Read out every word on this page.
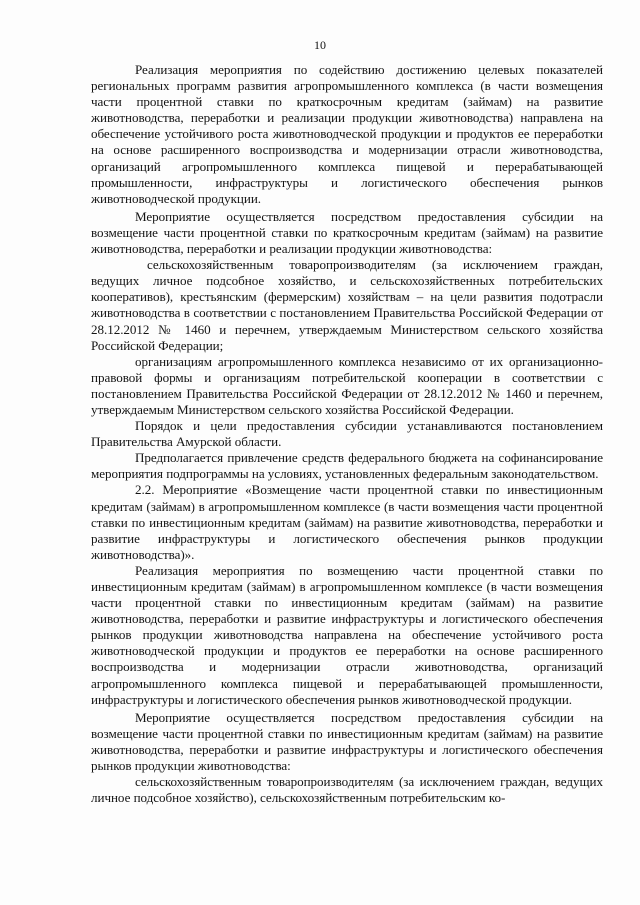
10

Реализация мероприятия по содействию достижению целевых показателей региональных программ развития агропромышленного комплекса (в части возмещения части процентной ставки по краткосрочным кредитам (займам) на развитие животноводства, переработки и реализации продукции животноводства) направлена на обеспечение устойчивого роста животноводческой продукции и продуктов ее переработки на основе расширенного воспроизводства и модернизации отрасли животноводства, организаций агропромышленного комплекса пищевой и перерабатывающей промышленности, инфраструктуры и логистического обеспечения рынков животноводческой продукции.

Мероприятие осуществляется посредством предоставления субсидии на возмещение части процентной ставки по краткосрочным кредитам (займам) на развитие животноводства, переработки и реализации продукции животноводства:

сельскохозяйственным товаропроизводителям (за исключением граждан, ведущих личное подсобное хозяйство, и сельскохозяйственных потребительских кооперативов), крестьянским (фермерским) хозяйствам – на цели развития подотрасли животноводства в соответствии с постановлением Правительства Российской Федерации от 28.12.2012 № 1460 и перечнем, утверждаемым Министерством сельского хозяйства Российской Федерации;

организациям агропромышленного комплекса независимо от их организационно-правовой формы и организациям потребительской кооперации в соответствии с постановлением Правительства Российской Федерации от 28.12.2012 № 1460 и перечнем, утверждаемым Министерством сельского хозяйства Российской Федерации.

Порядок и цели предоставления субсидии устанавливаются постановлением Правительства Амурской области.

Предполагается привлечение средств федерального бюджета на софинансирование мероприятия подпрограммы на условиях, установленных федеральным законодательством.

2.2. Мероприятие «Возмещение части процентной ставки по инвестиционным кредитам (займам) в агропромышленном комплексе (в части возмещения части процентной ставки по инвестиционным кредитам (займам) на развитие животноводства, переработки и развитие инфраструктуры и логистического обеспечения рынков продукции животноводства)».

Реализация мероприятия по возмещению части процентной ставки по инвестиционным кредитам (займам) в агропромышленном комплексе (в части возмещения части процентной ставки по инвестиционным кредитам (займам) на развитие животноводства, переработки и развитие инфраструктуры и логистического обеспечения рынков продукции животноводства направлена на обеспечение устойчивого роста животноводческой продукции и продуктов ее переработки на основе расширенного воспроизводства и модернизации отрасли животноводства, организаций агропромышленного комплекса пищевой и перерабатывающей промышленности, инфраструктуры и логистического обеспечения рынков животноводческой продукции.

Мероприятие осуществляется посредством предоставления субсидии на возмещение части процентной ставки по инвестиционным кредитам (займам) на развитие животноводства, переработки и развитие инфраструктуры и логистического обеспечения рынков продукции животноводства:

сельскохозяйственным товаропроизводителям (за исключением граждан, ведущих личное подсобное хозяйство), сельскохозяйственным потребительским ко-
